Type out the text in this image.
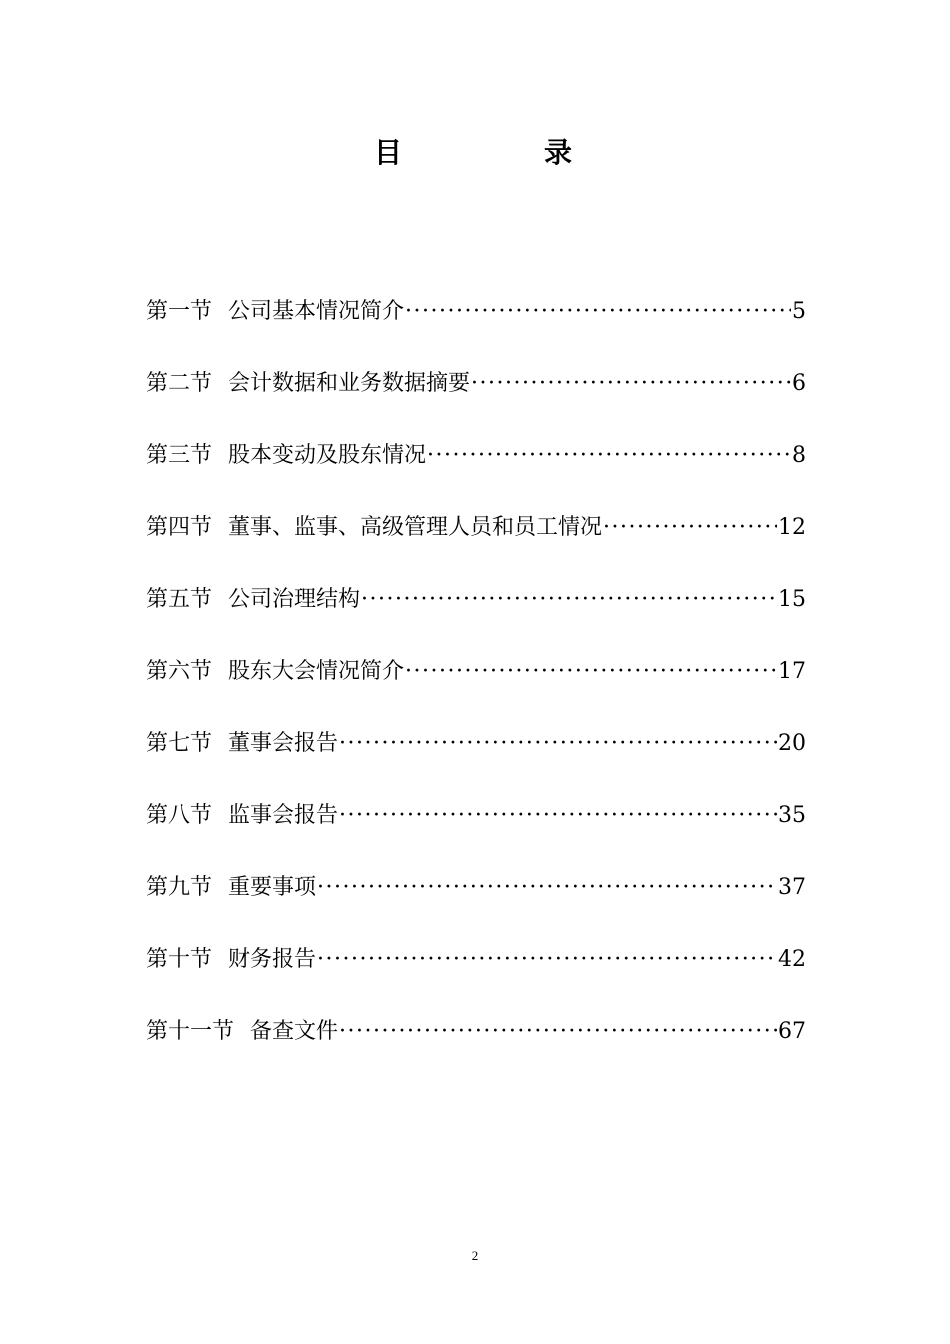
目	录
第一节 公司基本情况简介 ·····	5
第二节 会计数据和业务数据摘要 ·····	6
第三节 股本变动及股东情况 ·····	8
第四节 董事、监事、高级管理人员和员工情况 ·····	12
第五节 公司治理结构 ·····	15
第六节 股东大会情况简介 ·····	17
第七节 董事会报告 ·····	20
第八节 监事会报告 ·····	35
第九节 重要事项 ·····	37
第十节 财务报告 ·····	42
第十一节 备查文件 ·····	67
2
